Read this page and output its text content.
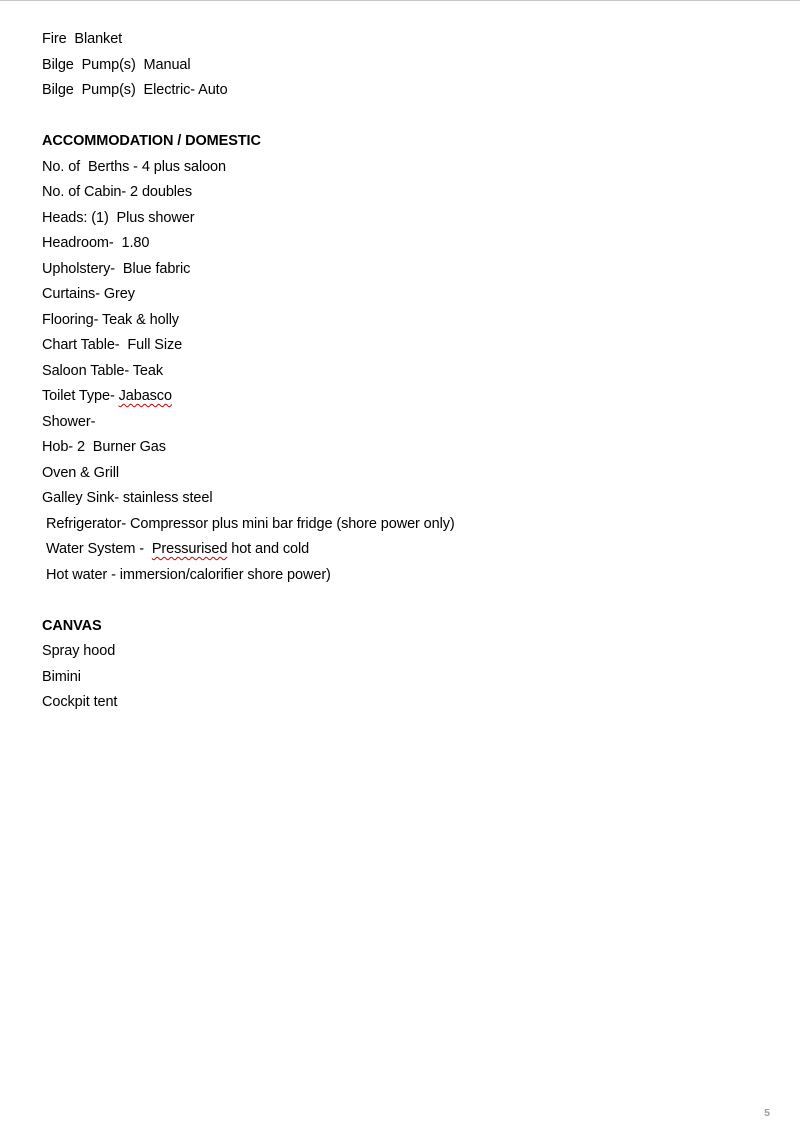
Fire  Blanket
Bilge  Pump(s)  Manual
Bilge  Pump(s)  Electric- Auto
ACCOMMODATION / DOMESTIC
No. of  Berths - 4 plus saloon
No. of Cabin- 2 doubles
Heads: (1)  Plus shower
Headroom-  1.80
Upholstery-  Blue fabric
Curtains- Grey
Flooring- Teak & holly
Chart Table-  Full Size
Saloon Table- Teak
Toilet Type- Jabasco
Shower-
Hob- 2  Burner Gas
Oven & Grill
Galley Sink- stainless steel
Refrigerator- Compressor plus mini bar fridge (shore power only)
Water System -  Pressurised hot and cold
Hot water - immersion/calorifier shore power)
CANVAS
Spray hood
Bimini
Cockpit tent
5
